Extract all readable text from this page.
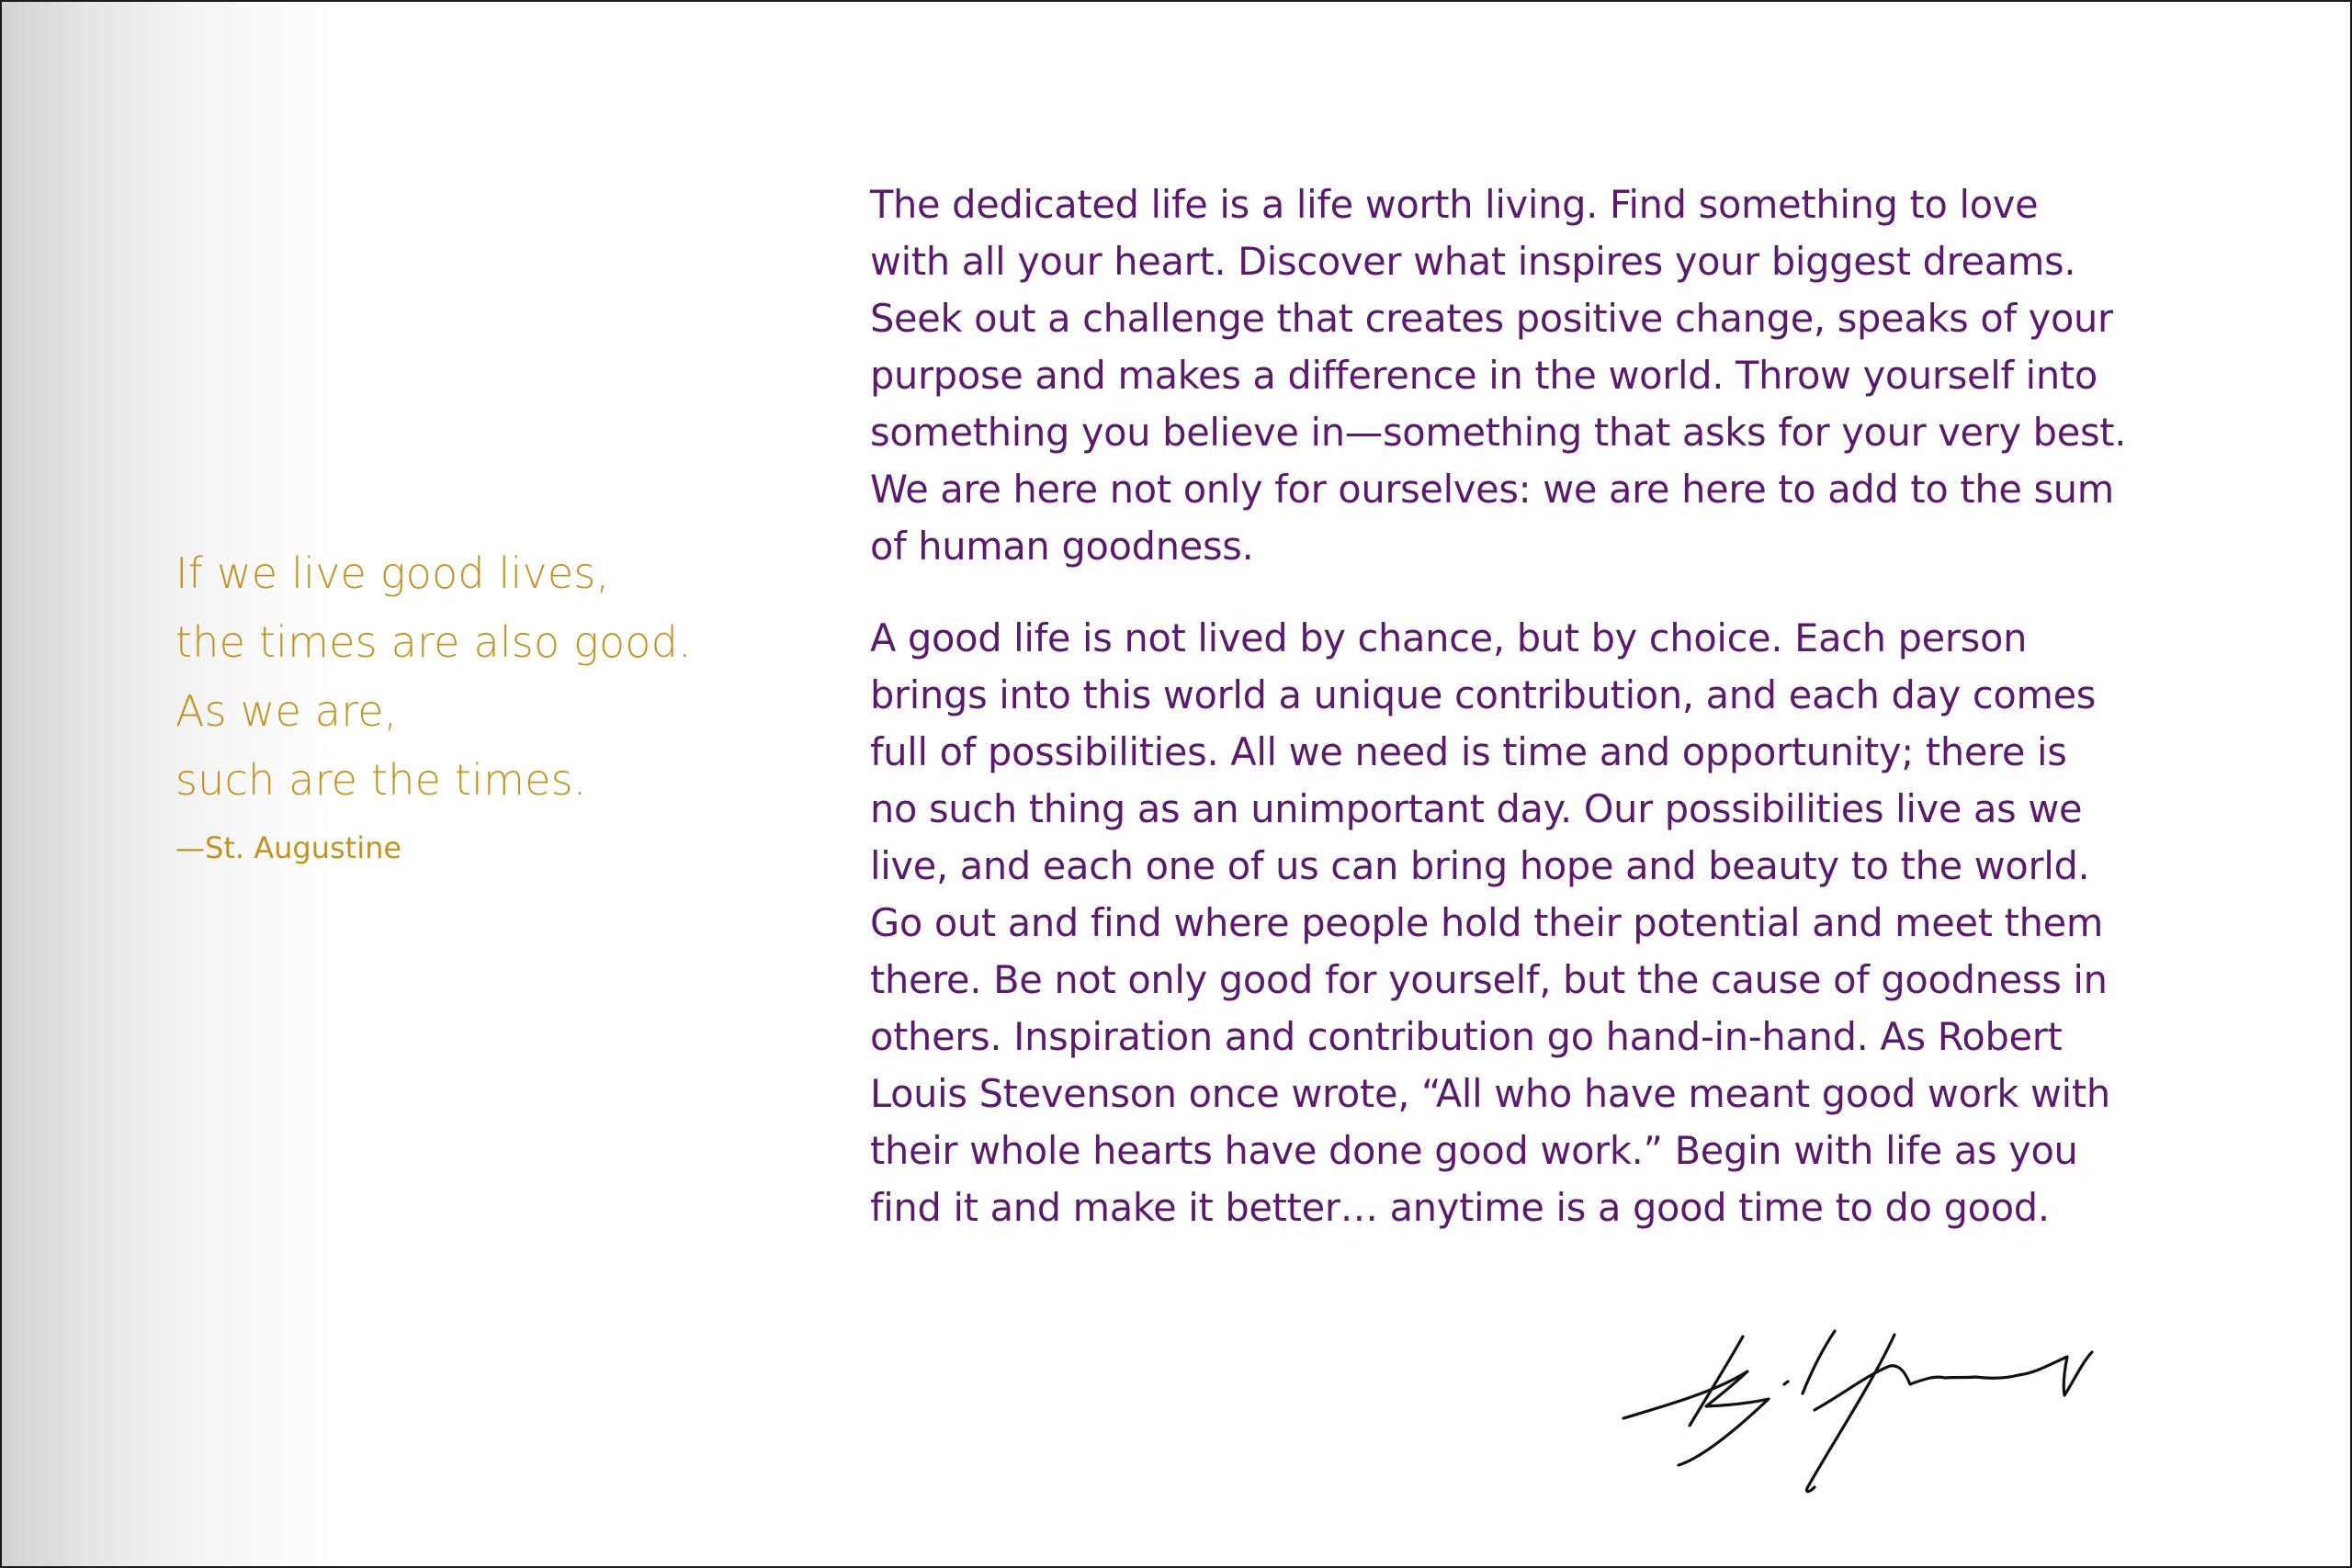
If we live good lives,
the times are also good.
As we are,
such are the times.
—St. Augustine
The dedicated life is a life worth living. Find something to love
with all your heart. Discover what inspires your biggest dreams.
Seek out a challenge that creates positive change, speaks of your
purpose and makes a difference in the world. Throw yourself into
something you believe in—something that asks for your very best.
We are here not only for ourselves: we are here to add to the sum
of human goodness.
A good life is not lived by chance, but by choice. Each person
brings into this world a unique contribution, and each day comes
full of possibilities. All we need is time and opportunity; there is
no such thing as an unimportant day. Our possibilities live as we
live, and each one of us can bring hope and beauty to the world.
Go out and find where people hold their potential and meet them
there. Be not only good for yourself, but the cause of goodness in
others. Inspiration and contribution go hand-in-hand. As Robert
Louis Stevenson once wrote, “All who have meant good work with
their whole hearts have done good work.” Begin with life as you
find it and make it better… anytime is a good time to do good.
